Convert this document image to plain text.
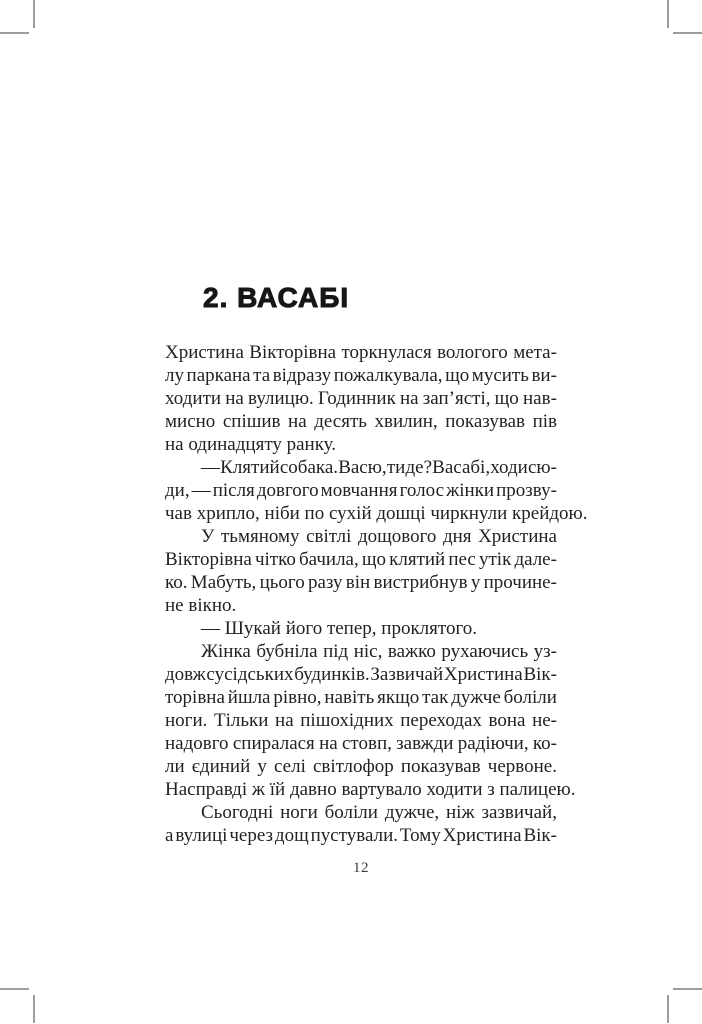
2. ВАСАБІ
Христина Вікторівна торкнулася вологого мета-
лу паркана та відразу пожалкувала, що мусить ви-
ходити на вулицю. Годинник на зап’ясті, що нав-
мисно спішив на десять хвилин, показував пів
на одинадцяту ранку.
— Клятий собака. Васю, ти де? Васабі, ходи сю-
ди, — після довгого мовчання голос жінки прозву-
чав хрипло, ніби по сухій дошці чиркнули крейдою.
У тьмяному світлі дощового дня Христина
Вікторівна чітко бачила, що клятий пес утік дале-
ко. Мабуть, цього разу він вистрибнув у прочине-
не вікно.
— Шукай його тепер, проклятого.
Жінка бубніла під ніс, важко рухаючись уз-
довж сусідських будинків. Зазвичай Христина Вік-
торівна йшла рівно, навіть якщо так дужче боліли
ноги. Тільки на пішохідних переходах вона не-
надовго спиралася на стовп, завжди радіючи, ко-
ли єдиний у селі світлофор показував червоне.
Насправді ж їй давно вартувало ходити з палицею.
Сьогодні ноги боліли дужче, ніж зазвичай,
а вулиці через дощ пустували. Тому Христина Вік-
12
